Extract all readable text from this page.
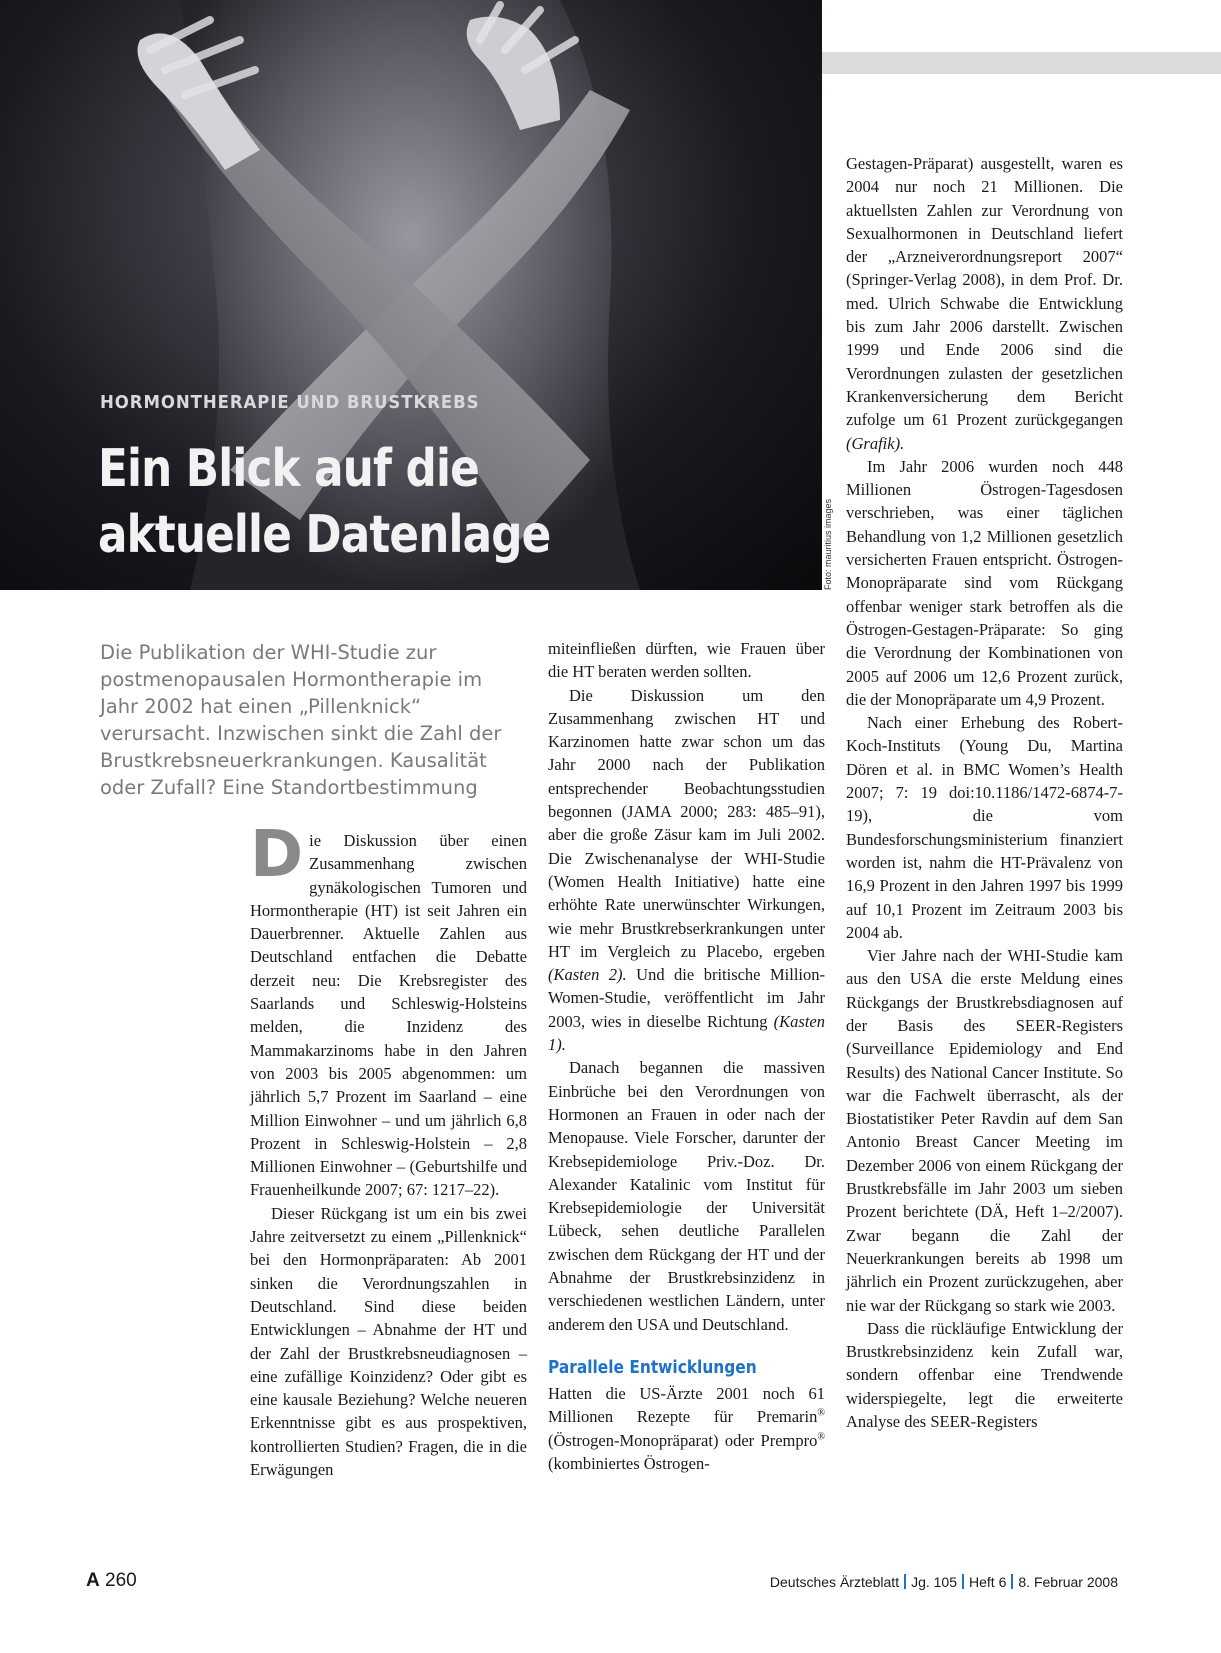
HORMONTHERAPIE UND BRUSTKREBS

Ein Blick auf die
aktuelle Datenlage	Foto: mauritius images

Die Publikation der WHI-Studie zur postmenopausalen Hormontherapie im Jahr 2002 hat einen „Pillenknick“ verursacht. Inzwischen sinkt die Zahl der Brustkrebsneuerkrankungen. Kausalität oder Zufall? Eine Standortbestimmung

Die Diskussion über einen Zusammenhang zwischen gynäkologischen Tumoren und Hormontherapie (HT) ist seit Jahren ein Dauerbrenner. Aktuelle Zahlen aus Deutschland entfachen die Debatte derzeit neu: Die Krebsregister des Saarlands und Schleswig-Holsteins melden, die Inzidenz des Mammakarzinoms habe in den Jahren von 2003 bis 2005 abgenommen: um jährlich 5,7 Prozent im Saarland – eine Million Einwohner – und um jährlich 6,8 Prozent in Schleswig-Holstein – 2,8 Millionen Einwohner – (Geburtshilfe und Frauenheilkunde 2007; 67: 1217–22).

Dieser Rückgang ist um ein bis zwei Jahre zeitversetzt zu einem „Pillenknick“ bei den Hormonpräparaten: Ab 2001 sinken die Verordnungszahlen in Deutschland. Sind diese beiden Entwicklungen – Abnahme der HT und der Zahl der Brustkrebsneudiagnosen – eine zufällige Koinzidenz? Oder gibt es eine kausale Beziehung? Welche neueren Erkenntnisse gibt es aus prospektiven, kontrollierten Studien? Fragen, die in die Erwägungen

miteinfließen dürften, wie Frauen über die HT beraten werden sollten.

Die Diskussion um den Zusammenhang zwischen HT und Karzinomen hatte zwar schon um das Jahr 2000 nach der Publikation entsprechender Beobachtungsstudien begonnen (JAMA 2000; 283: 485–91), aber die große Zäsur kam im Juli 2002. Die Zwischenanalyse der WHI-Studie (Women Health Initiative) hatte eine erhöhte Rate unerwünschter Wirkungen, wie mehr Brustkrebserkrankungen unter HT im Vergleich zu Placebo, ergeben (Kasten 2). Und die britische Million-Women-Studie, veröffentlicht im Jahr 2003, wies in dieselbe Richtung (Kasten 1).

Danach begannen die massiven Einbrüche bei den Verordnungen von Hormonen an Frauen in oder nach der Menopause. Viele Forscher, darunter der Krebsepidemiologe Priv.-Doz. Dr. Alexander Katalinic vom Institut für Krebsepidemiologie der Universität Lübeck, sehen deutliche Parallelen zwischen dem Rückgang der HT und der Abnahme der Brustkrebsinzidenz in verschiedenen westlichen Ländern, unter anderem den USA und Deutschland.

Parallele Entwicklungen

Hatten die US-Ärzte 2001 noch 61 Millionen Rezepte für Premarin® (Östrogen-Monopräparat) oder Prempro® (kombiniertes Östrogen-

Gestagen-Präparat) ausgestellt, waren es 2004 nur noch 21 Millionen. Die aktuellsten Zahlen zur Verordnung von Sexualhormonen in Deutschland liefert der „Arzneiverordnungsreport 2007“ (Springer-Verlag 2008), in dem Prof. Dr. med. Ulrich Schwabe die Entwicklung bis zum Jahr 2006 darstellt. Zwischen 1999 und Ende 2006 sind die Verordnungen zulasten der gesetzlichen Krankenversicherung dem Bericht zufolge um 61 Prozent zurückgegangen (Grafik).

Im Jahr 2006 wurden noch 448 Millionen Östrogen-Tagesdosen verschrieben, was einer täglichen Behandlung von 1,2 Millionen gesetzlich versicherten Frauen entspricht. Östrogen-Monopräparate sind vom Rückgang offenbar weniger stark betroffen als die Östrogen-Gestagen-Präparate: So ging die Verordnung der Kombinationen von 2005 auf 2006 um 12,6 Prozent zurück, die der Monopräparate um 4,9 Prozent.

Nach einer Erhebung des Robert-Koch-Instituts (Young Du, Martina Dören et al. in BMC Women’s Health 2007; 7: 19 doi:10.1186/1472-6874-7-19), die vom Bundesforschungsministerium finanziert worden ist, nahm die HT-Prävalenz von 16,9 Prozent in den Jahren 1997 bis 1999 auf 10,1 Prozent im Zeitraum 2003 bis 2004 ab.

Vier Jahre nach der WHI-Studie kam aus den USA die erste Meldung eines Rückgangs der Brustkrebsdiagnosen auf der Basis des SEER-Registers (Surveillance Epidemiology and End Results) des National Cancer Institute. So war die Fachwelt überrascht, als der Biostatistiker Peter Ravdin auf dem San Antonio Breast Cancer Meeting im Dezember 2006 von einem Rückgang der Brustkrebsfälle im Jahr 2003 um sieben Prozent berichtete (DÄ, Heft 1–2/2007). Zwar begann die Zahl der Neuerkrankungen bereits ab 1998 um jährlich ein Prozent zurückzugehen, aber nie war der Rückgang so stark wie 2003.

Dass die rückläufige Entwicklung der Brustkrebsinzidenz kein Zufall war, sondern offenbar eine Trendwende widerspiegelte, legt die erweiterte Analyse des SEER-Registers

A 260	Deutsches Ärzteblatt Jg. 105 Heft 6 8. Februar 2008
